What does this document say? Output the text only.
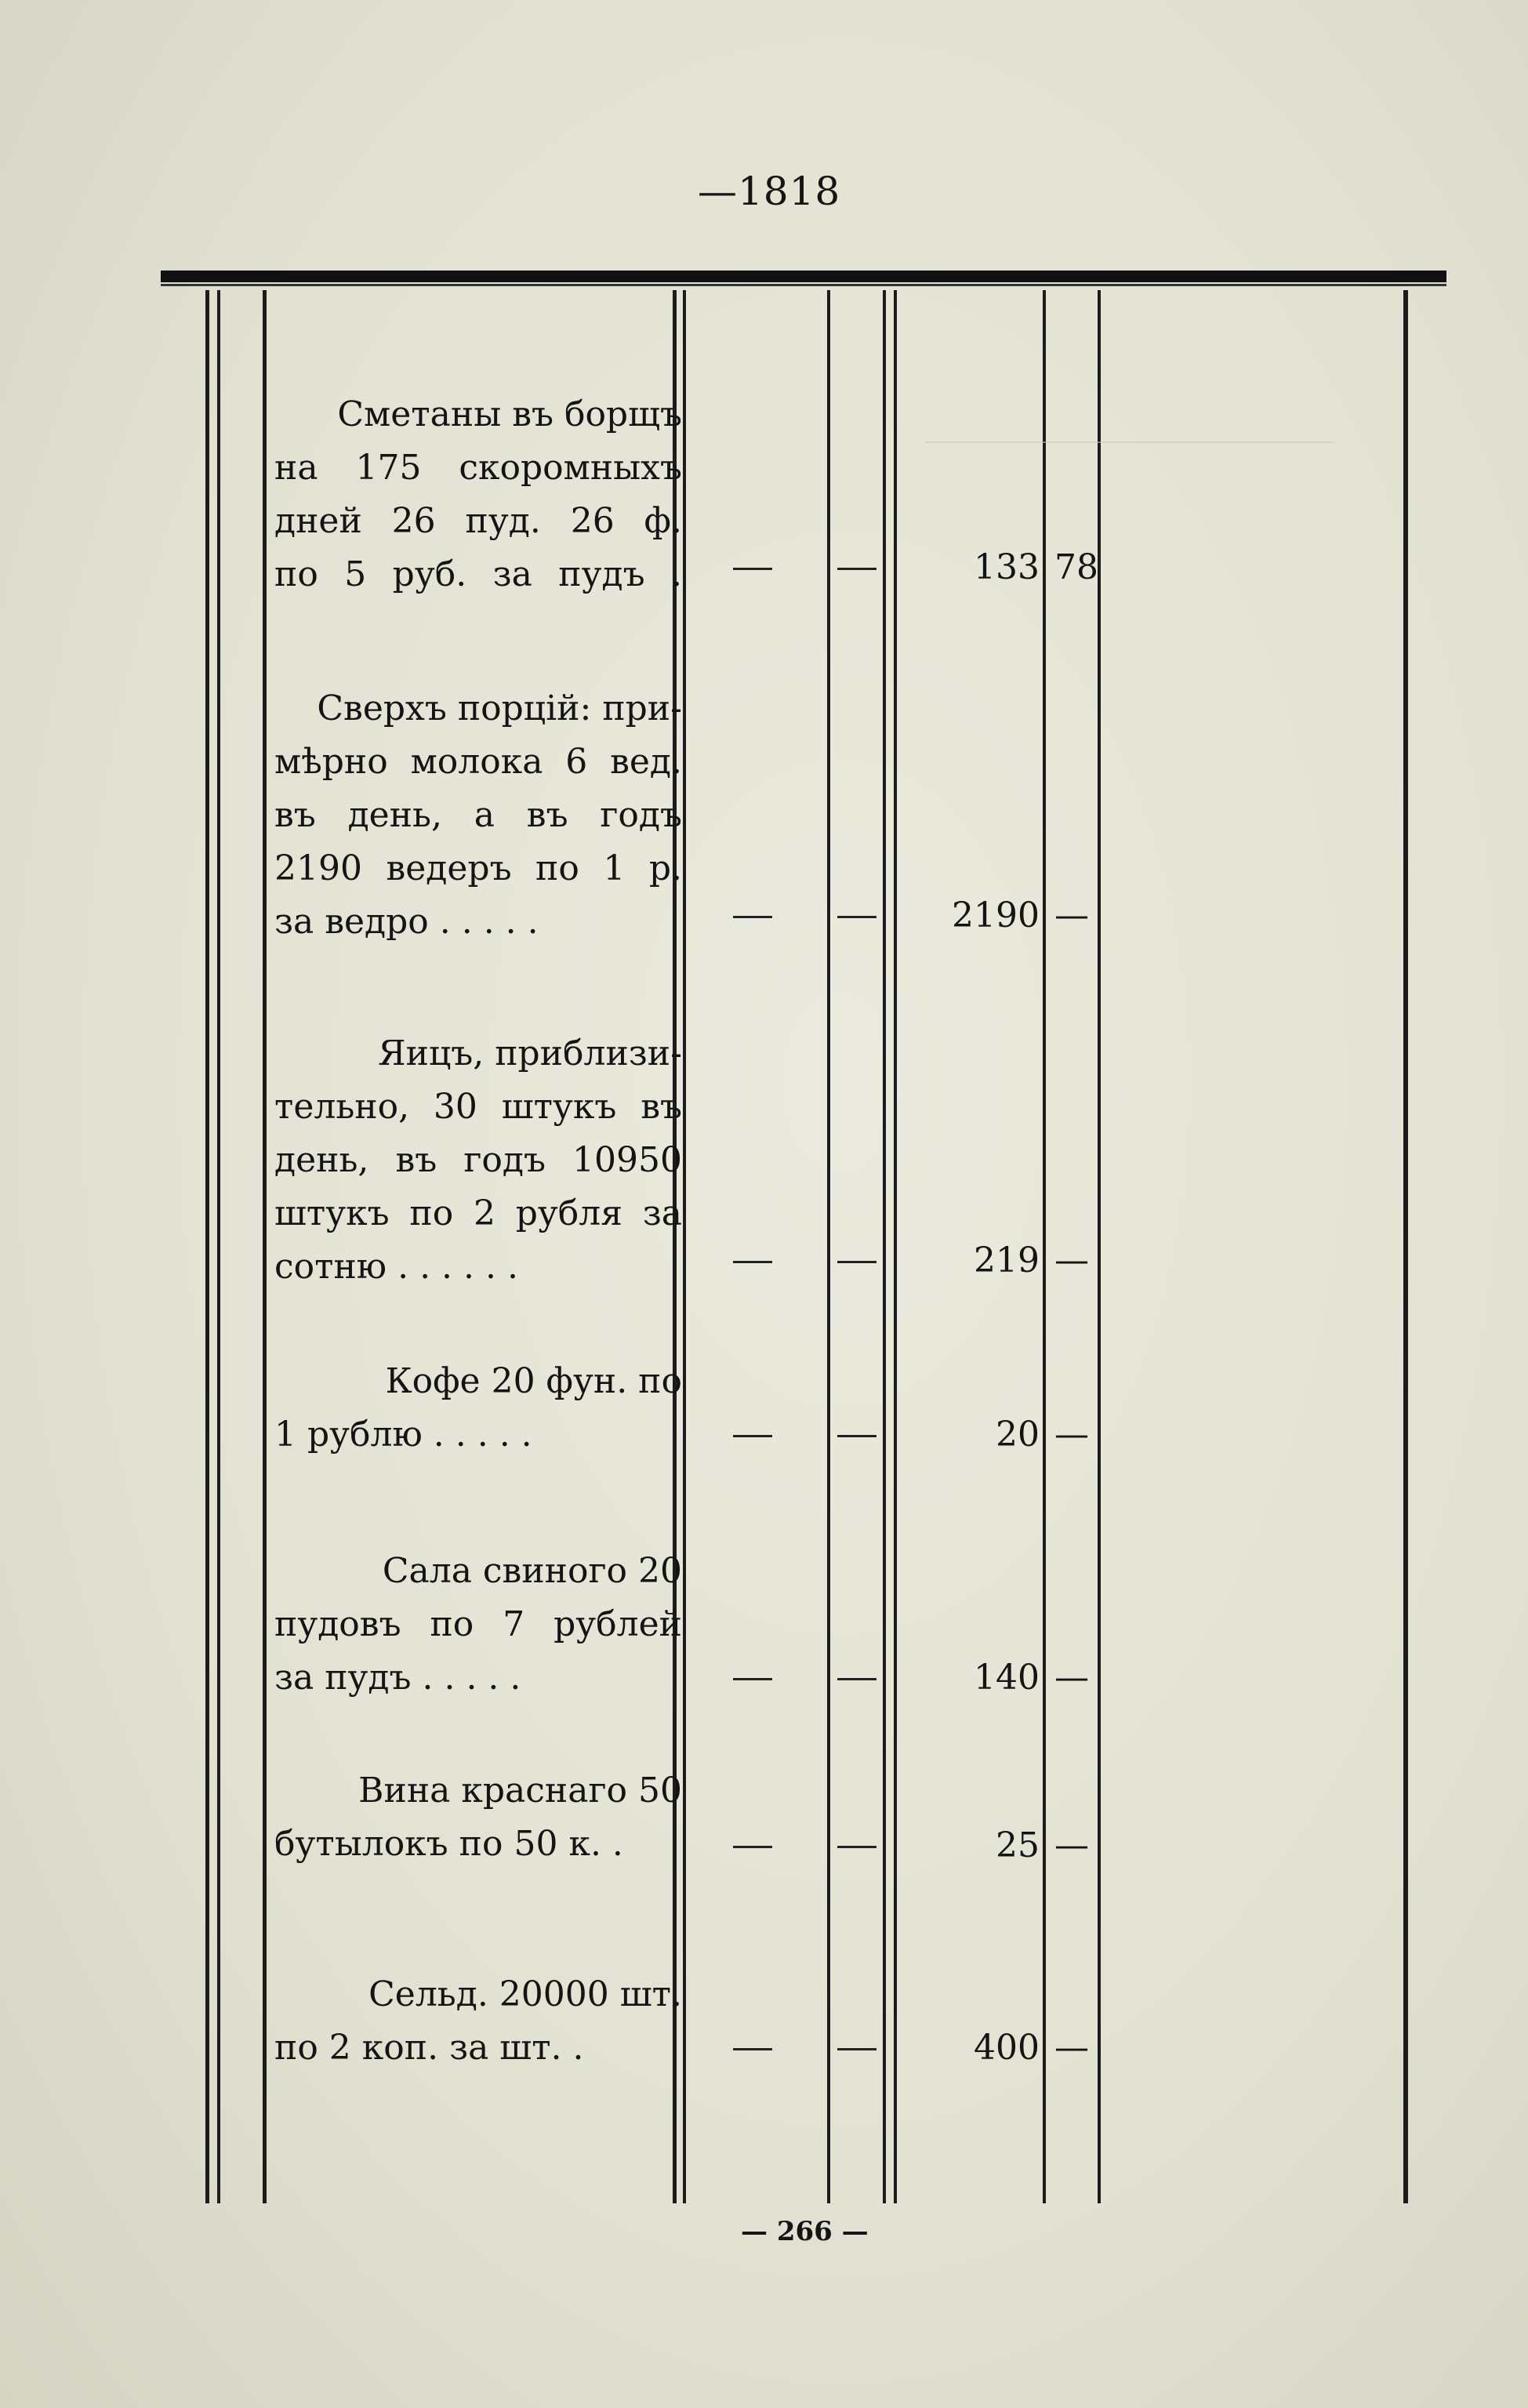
—1818
Сметаны въ борщъ
на 175 скоромныхъ
дней 26 пуд. 26 ф.
по 5 руб. за пудъ .	133 78
Сверхъ порцій: при-
мѣрно молока 6 вед.
въ день, а въ годъ
2190 ведеръ по 1 р.
за ведро . . . . .	2190 —
Яицъ, приблизи-
тельно, 30 штукъ въ
день, въ годъ 10950
штукъ по 2 рубля за
сотню . . . . . .	219 —
Кофе 20 фун. по
1 рублю . . . . .	20 —
Сала свиного 20
пудовъ по 7 рублей
за пудъ . . . . .	140 —
Вина краснаго 50
бутылокъ по 50 к. .	25 —
Сельд. 20000 шт.
по 2 коп. за шт. .	400 —
— 266 —
